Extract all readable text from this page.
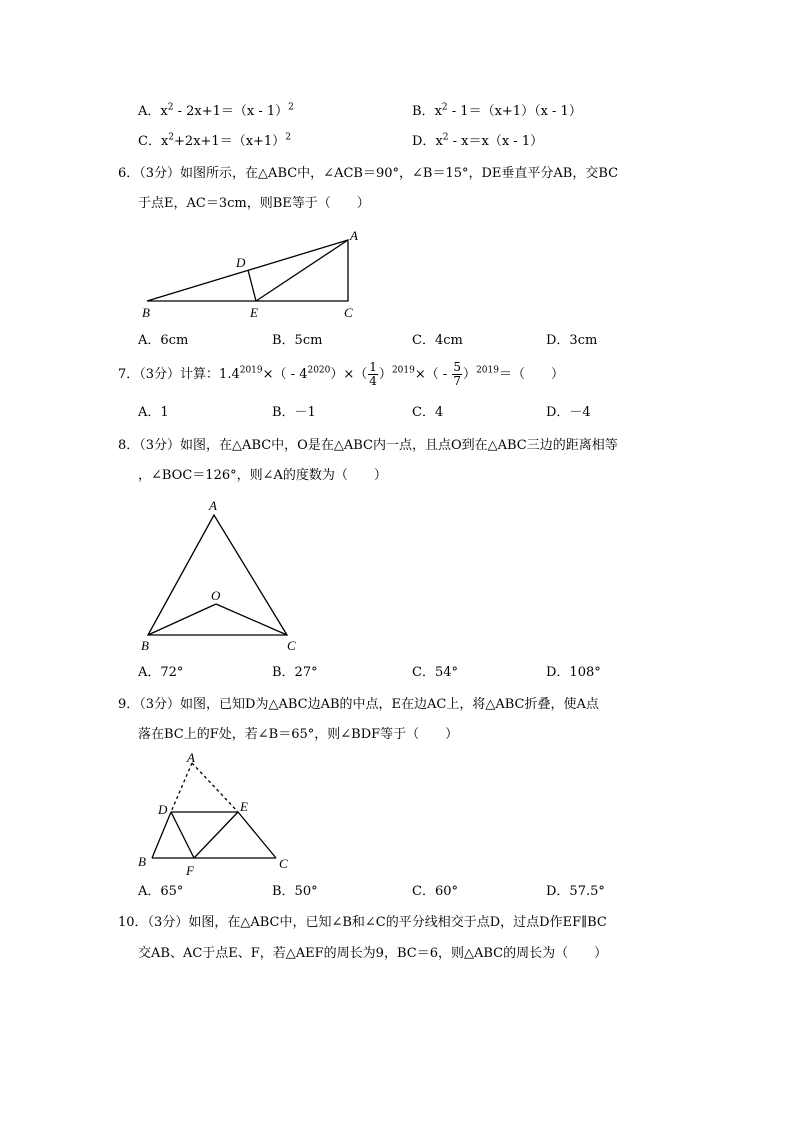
A．$x^2 - 2x+1=(x - 1)^2$	B．$x^2 - 1=(x+1)(x - 1)$
C．$x^2+2x+1=(x+1)^2$	D．$x^2 - x=x(x - 1)$
6．（3分）如图所示，在△ABC中，∠ACB＝90°，∠B＝15°，DE垂直平分AB，交BC
于点E，AC＝3cm，则BE等于（　　）
A
D
B	E	C
A．6cm	B．5cm	C．4cm	D．3cm
7．（3分）计算：$1.4^{2019}\times( - 4^{2020})\times( \frac{1}{4} )^{2019}\times( - \frac{5}{7} )^{2019}=$（　　）
A．1	B．－1	C．4	D．－4
8．（3分）如图，在△ABC中，O是在△ABC内一点，且点O到在△ABC三边的距离相等
，∠BOC＝126°，则∠A的度数为（　　）
A
O
B	C
A．72°	B．27°	C．54°	D．108°
9．（3分）如图，已知D为△ABC边AB的中点，E在边AC上，将△ABC折叠，使A点
落在BC上的F处，若∠B＝65°，则∠BDF等于（　　）
A
D	E
B
F	C
A．65°	B．50°	C．60°	D．57.5°
10．（3分）如图，在△ABC中，已知∠B和∠C的平分线相交于点D，过点D作EF∥BC
交AB、AC于点E、F，若△AEF的周长为9，BC＝6，则△ABC的周长为（　　）
